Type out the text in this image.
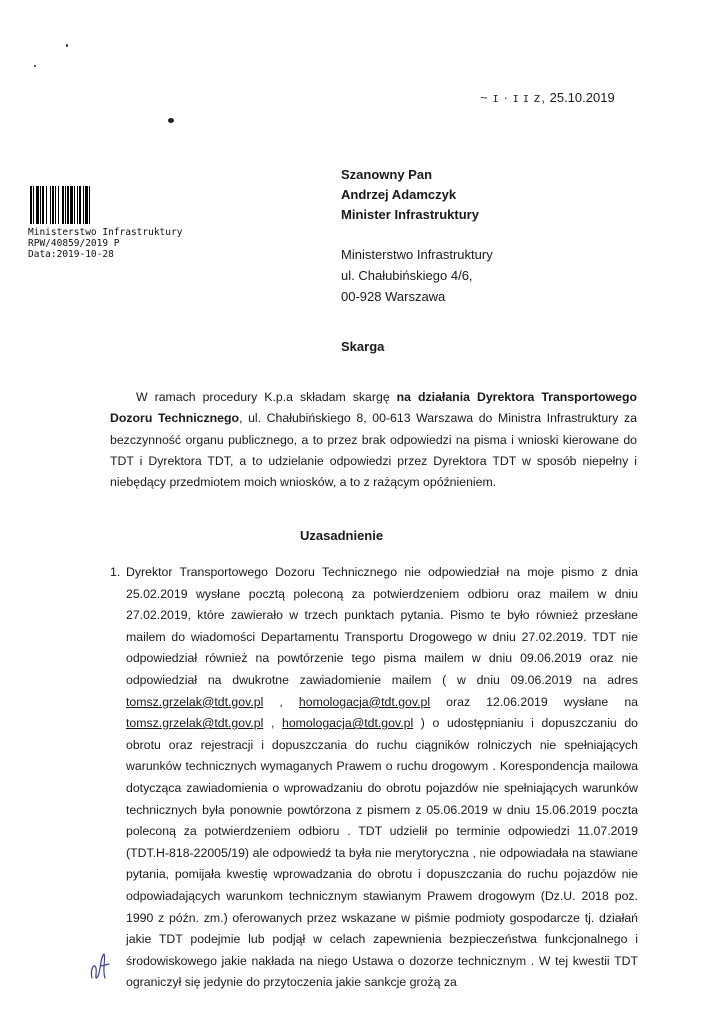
~ ɪ · ɪ ɪ z, 25.10.2019
Ministerstwo Infrastruktury
RPW/40859/2019 P
Data:2019-10-28
Szanowny Pan
Andrzej Adamczyk
Minister Infrastruktury
Ministerstwo Infrastruktury
ul. Chałubińskiego 4/6,
00-928 Warszawa
Skarga
W ramach procedury K.p.a składam skargę na działania Dyrektora Transportowego Dozoru Technicznego, ul. Chałubińskiego 8, 00-613 Warszawa do Ministra Infrastruktury za bezczynność organu publicznego, a to przez brak odpowiedzi na pisma i wnioski kierowane do TDT i Dyrektora TDT, a to udzielanie odpowiedzi przez Dyrektora TDT w sposób niepełny i niebędący przedmiotem moich wniosków, a to z rażącym opóźnieniem.
Uzasadnienie
1. Dyrektor Transportowego Dozoru Technicznego nie odpowiedział na moje pismo z dnia 25.02.2019 wysłane pocztą poleconą za potwierdzeniem odbioru oraz mailem w dniu 27.02.2019, które zawierało w trzech punktach pytania. Pismo te było również przesłane mailem do wiadomości Departamentu Transportu Drogowego w dniu 27.02.2019. TDT nie odpowiedział również na powtórzenie tego pisma mailem w dniu 09.06.2019 oraz nie odpowiedział na dwukrotne zawiadomienie mailem ( w dniu 09.06.2019 na adres tomsz.grzelak@tdt.gov.pl , homologacja@tdt.gov.pl oraz 12.06.2019 wysłane na tomsz.grzelak@tdt.gov.pl , homologacja@tdt.gov.pl ) o udostępnianiu i dopuszczaniu do obrotu oraz rejestracji i dopuszczania do ruchu ciągników rolniczych nie spełniających warunków technicznych wymaganych Prawem o ruchu drogowym . Korespondencja mailowa dotycząca zawiadomienia o wprowadzaniu do obrotu pojazdów nie spełniających warunków technicznych była ponownie powtórzona z pismem z 05.06.2019 w dniu 15.06.2019 poczta poleconą za potwierdzeniem odbioru . TDT udzielił po terminie odpowiedzi 11.07.2019 (TDT.H-818-22005/19) ale odpowiedź ta była nie merytoryczna , nie odpowiadała na stawiane pytania, pomijała kwestię wprowadzania do obrotu i dopuszczania do ruchu pojazdów nie odpowiadających warunkom technicznym stawianym Prawem drogowym (Dz.U. 2018 poz. 1990 z późn. zm.) oferowanych przez wskazane w piśmie podmioty gospodarcze tj. działań jakie TDT podejmie lub podjął w celach zapewnienia bezpieczeństwa funkcjonalnego i środowiskowego jakie nakłada na niego Ustawa o dozorze technicznym . W tej kwestii TDT ograniczył się jedynie do przytoczenia jakie sankcje grożą za
